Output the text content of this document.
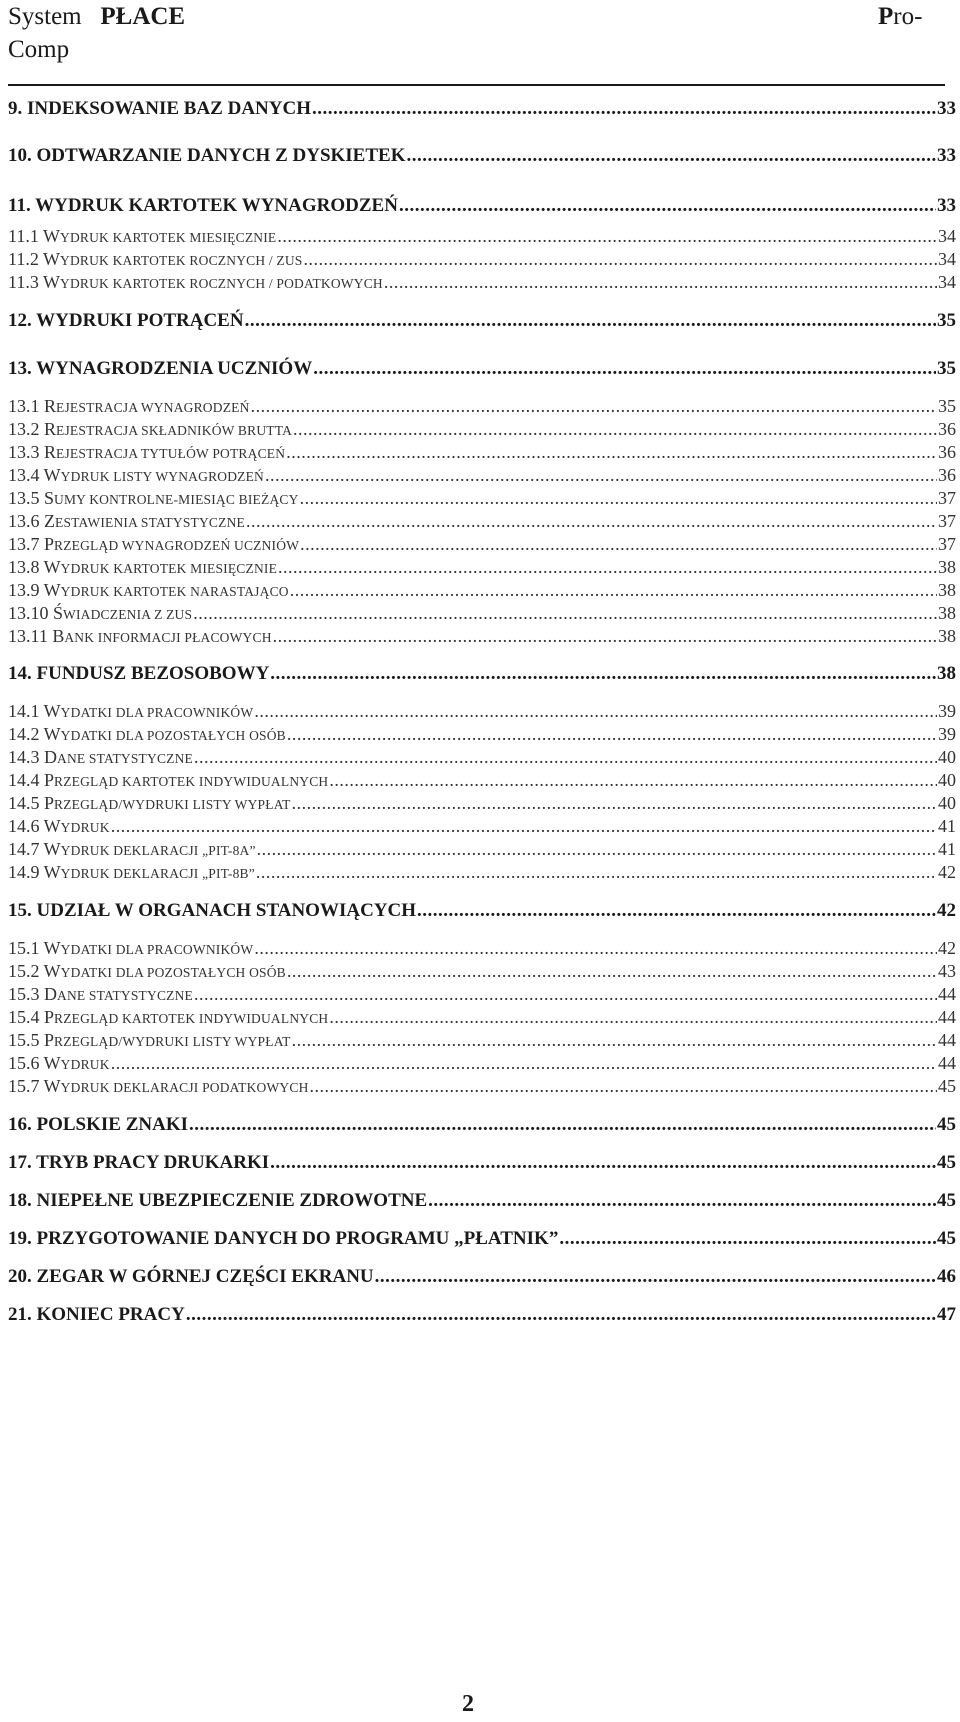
System PŁACE
Comp
Pro-
9. INDEKSOWANIE BAZ DANYCH .....	33
10. ODTWARZANIE DANYCH Z DYSKIETEK .....	33
11. WYDRUK KARTOTEK WYNAGRODZEŃ .....	33
11.1 WYDRUK KARTOTEK MIESIĘCZNIE .....	34
11.2 WYDRUK KARTOTEK ROCZNYCH / ZUS .....	34
11.3 WYDRUK KARTOTEK ROCZNYCH / PODATKOWYCH .....	34
12. WYDRUKI POTRĄCEŃ .....	35
13. WYNAGRODZENIA UCZNIÓW .....	35
13.1 REJESTRACJA WYNAGRODZEŃ .....	35
13.2 REJESTRACJA SKŁADNIKÓW BRUTTA .....	36
13.3 REJESTRACJA TYTUŁÓW POTRĄCEŃ .....	36
13.4 WYDRUK LISTY WYNAGRODZEŃ .....	36
13.5 SUMY KONTROLNE-MIESIĄC BIEŻĄCY .....	37
13.6 ZESTAWIENIA STATYSTYCZNE .....	37
13.7 PRZEGLĄD WYNAGRODZEŃ UCZNIÓW .....	37
13.8 WYDRUK KARTOTEK MIESIĘCZNIE .....	38
13.9 WYDRUK KARTOTEK NARASTAJĄCO .....	38
13.10 ŚWIADCZENIA Z ZUS .....	38
13.11 BANK INFORMACJI PŁACOWYCH .....	38
14. FUNDUSZ BEZOSOBOWY .....	38
14.1 WYDATKI DLA PRACOWNIKÓW .....	39
14.2 WYDATKI DLA POZOSTAŁYCH OSÓB .....	39
14.3 DANE STATYSTYCZNE .....	40
14.4 PRZEGLĄD KARTOTEK INDYWIDUALNYCH .....	40
14.5 PRZEGLĄD/WYDRUKI LISTY WYPŁAT .....	40
14.6 WYDRUK .....	41
14.7 WYDRUK DEKLARACJI „PIT-8A” .....	41
14.9 WYDRUK DEKLARACJI „PIT-8B” .....	42
15. UDZIAŁ W ORGANACH STANOWIĄCYCH .....	42
15.1 WYDATKI DLA PRACOWNIKÓW .....	42
15.2 WYDATKI DLA POZOSTAŁYCH OSÓB .....	43
15.3 DANE STATYSTYCZNE .....	44
15.4 PRZEGLĄD KARTOTEK INDYWIDUALNYCH .....	44
15.5 PRZEGLĄD/WYDRUKI LISTY WYPŁAT .....	44
15.6 WYDRUK .....	44
15.7 WYDRUK DEKLARACJI PODATKOWYCH .....	45
16. POLSKIE ZNAKI .....	45
17. TRYB PRACY DRUKARKI .....	45
18. NIEPEŁNE UBEZPIECZENIE ZDROWOTNE .....	45
19. PRZYGOTOWANIE DANYCH DO PROGRAMU „PŁATNIK” .....	45
20. ZEGAR W GÓRNEJ CZĘŚCI EKRANU .....	46
21. KONIEC PRACY .....	47
2
